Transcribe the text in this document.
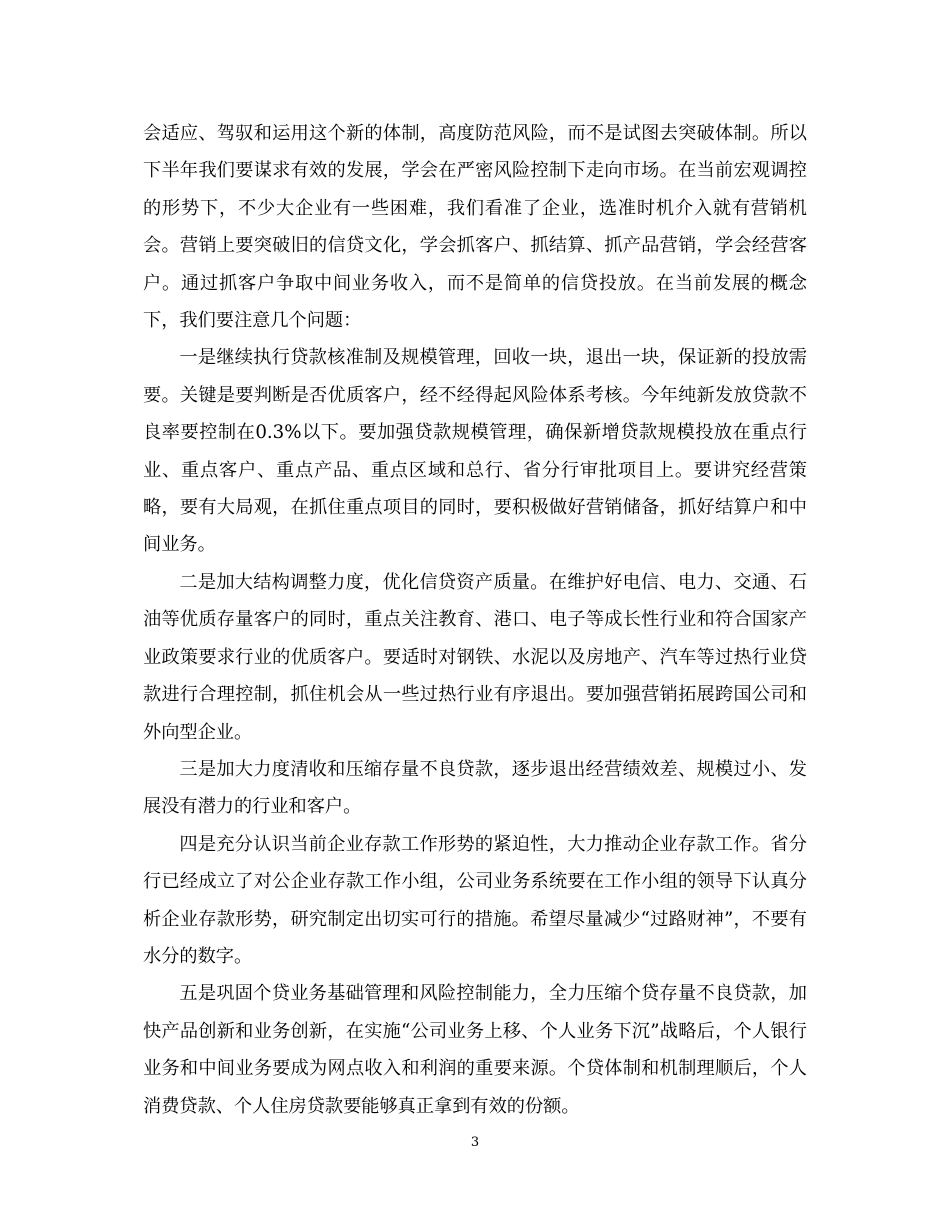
会适应、驾驭和运用这个新的体制，高度防范风险，而不是试图去突破体制。所以下半年我们要谋求有效的发展，学会在严密风险控制下走向市场。在当前宏观调控的形势下，不少大企业有一些困难，我们看准了企业，选准时机介入就有营销机会。营销上要突破旧的信贷文化，学会抓客户、抓结算、抓产品营销，学会经营客户。通过抓客户争取中间业务收入，而不是简单的信贷投放。在当前发展的概念下，我们要注意几个问题：

一是继续执行贷款核准制及规模管理，回收一块，退出一块，保证新的投放需要。关键是要判断是否优质客户，经不经得起风险体系考核。今年纯新发放贷款不良率要控制在0.3%以下。要加强贷款规模管理，确保新增贷款规模投放在重点行业、重点客户、重点产品、重点区域和总行、省分行审批项目上。要讲究经营策略，要有大局观，在抓住重点项目的同时，要积极做好营销储备，抓好结算户和中间业务。

二是加大结构调整力度，优化信贷资产质量。在维护好电信、电力、交通、石油等优质存量客户的同时，重点关注教育、港口、电子等成长性行业和符合国家产业政策要求行业的优质客户。要适时对钢铁、水泥以及房地产、汽车等过热行业贷款进行合理控制，抓住机会从一些过热行业有序退出。要加强营销拓展跨国公司和外向型企业。

三是加大力度清收和压缩存量不良贷款，逐步退出经营绩效差、规模过小、发展没有潜力的行业和客户。

四是充分认识当前企业存款工作形势的紧迫性，大力推动企业存款工作。省分行已经成立了对公企业存款工作小组，公司业务系统要在工作小组的领导下认真分析企业存款形势，研究制定出切实可行的措施。希望尽量减少“过路财神”，不要有水分的数字。

五是巩固个贷业务基础管理和风险控制能力，全力压缩个贷存量不良贷款，加快产品创新和业务创新，在实施“公司业务上移、个人业务下沉”战略后，个人银行业务和中间业务要成为网点收入和利润的重要来源。个贷体制和机制理顺后，个人消费贷款、个人住房贷款要能够真正拿到有效的份额。

3
